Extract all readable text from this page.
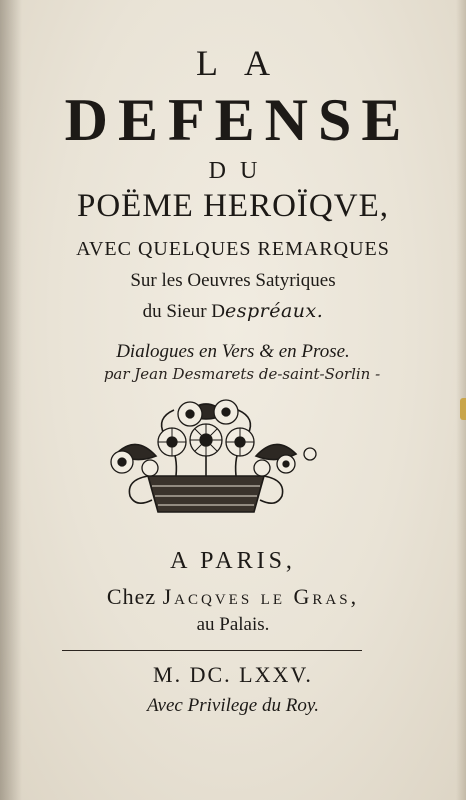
LA
DEFENSE
DU
POËME HEROÏQVE,
AVEC QUELQUES REMARQUES
Sur les Oeuvres Satyriques
du Sieur Despréaux.
Dialogues en Vers & en Prose.
par Jean Desmarets de-saint-Sorlin -
A PARIS,
Chez Jacqves le Gras,
au Palais.
M. DC. LXXV.
Avec Privilege du Roy.
